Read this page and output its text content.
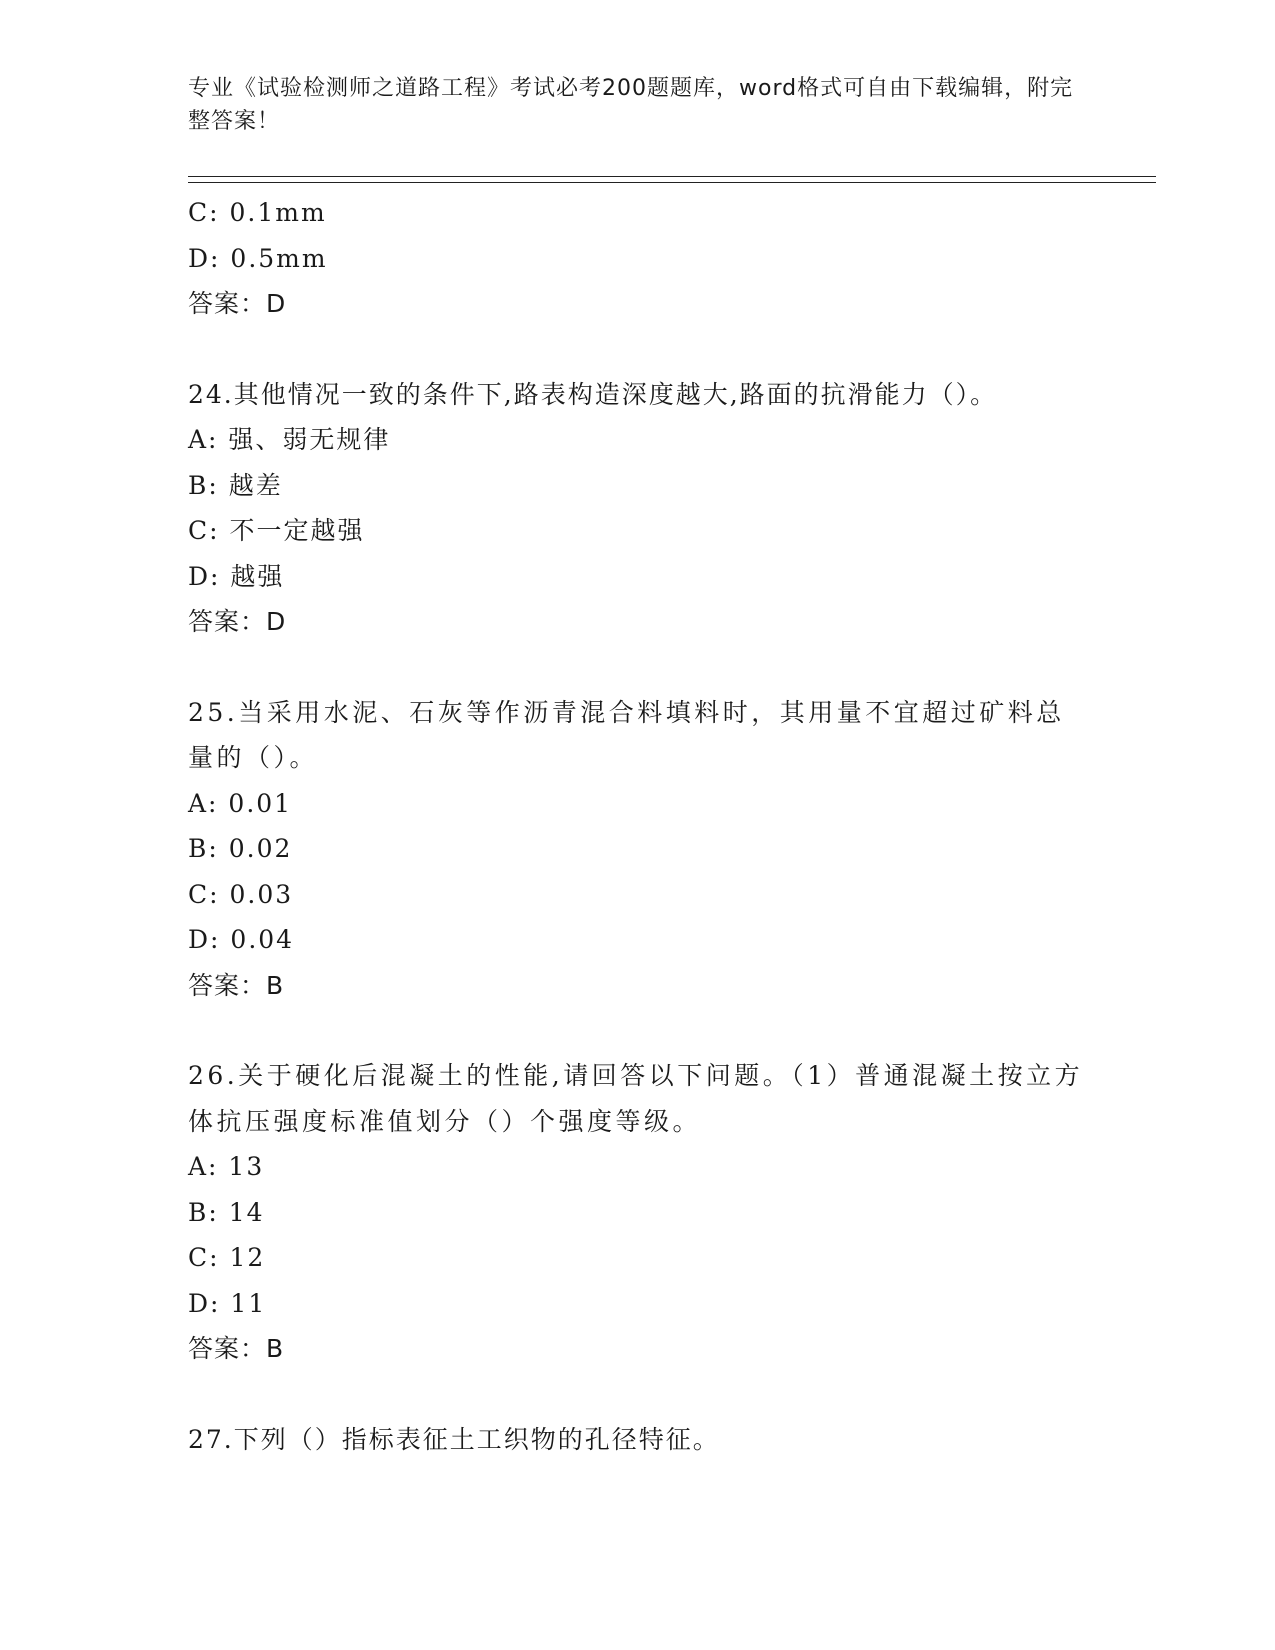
专业《试验检测师之道路工程》考试必考200题题库，word格式可自由下载编辑，附完整答案！
C: 0.1mm
D: 0.5mm
答案：D
24.其他情况一致的条件下,路表构造深度越大,路面的抗滑能力（）。
A: 强、弱无规律
B: 越差
C: 不一定越强
D: 越强
答案：D
25.当采用水泥、石灰等作沥青混合料填料时，其用量不宜超过矿料总量的（）。
A: 0.01
B: 0.02
C: 0.03
D: 0.04
答案：B
26.关于硬化后混凝土的性能,请回答以下问题。（1）普通混凝土按立方体抗压强度标准值划分（）个强度等级。
A: 13
B: 14
C: 12
D: 11
答案：B
27.下列（）指标表征土工织物的孔径特征。
